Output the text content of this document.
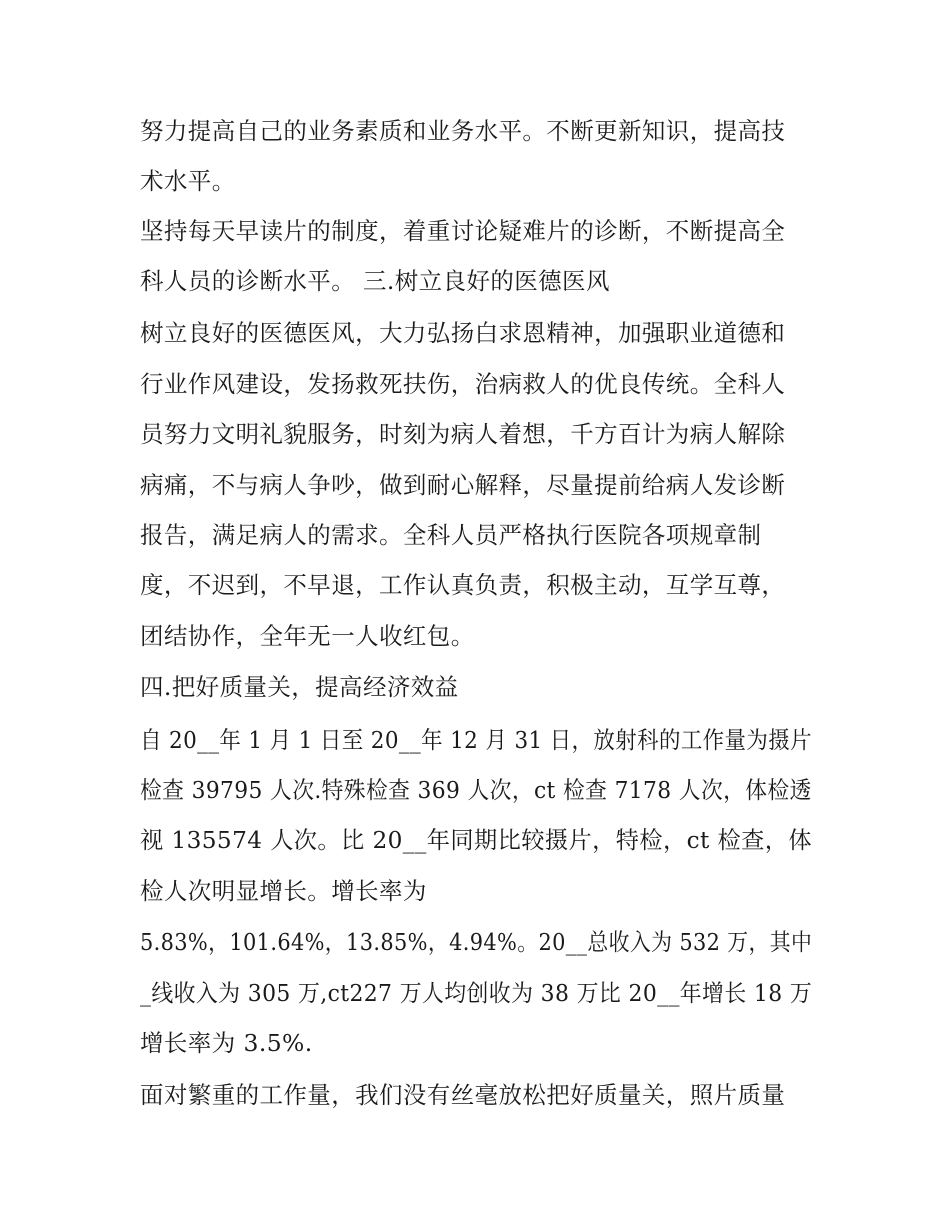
努力提高自己的业务素质和业务水平。不断更新知识，提高技
术水平。
坚持每天早读片的制度，着重讨论疑难片的诊断，不断提高全
科人员的诊断水平。 三.树立良好的医德医风
树立良好的医德医风，大力弘扬白求恩精神，加强职业道德和
行业作风建设，发扬救死扶伤，治病救人的优良传统。全科人
员努力文明礼貌服务，时刻为病人着想，千方百计为病人解除
病痛，不与病人争吵，做到耐心解释，尽量提前给病人发诊断
报告，满足病人的需求。全科人员严格执行医院各项规章制
度，不迟到，不早退，工作认真负责，积极主动，互学互尊，
团结协作，全年无一人收红包。
四.把好质量关，提高经济效益
自 20__年 1 月 1 日至 20__年 12 月 31 日，放射科的工作量为摄片
检查 39795 人次.特殊检查 369 人次，ct 检查 7178 人次，体检透
视 135574 人次。比 20__年同期比较摄片，特检，ct 检查，体
检人次明显增长。增长率为
5.83%，101.64%，13.85%，4.94%。20__总收入为 532 万，其中
_线收入为 305 万,ct227 万人均创收为 38 万比 20__年增长 18 万
增长率为 3.5%.
面对繁重的工作量，我们没有丝毫放松把好质量关，照片质量
